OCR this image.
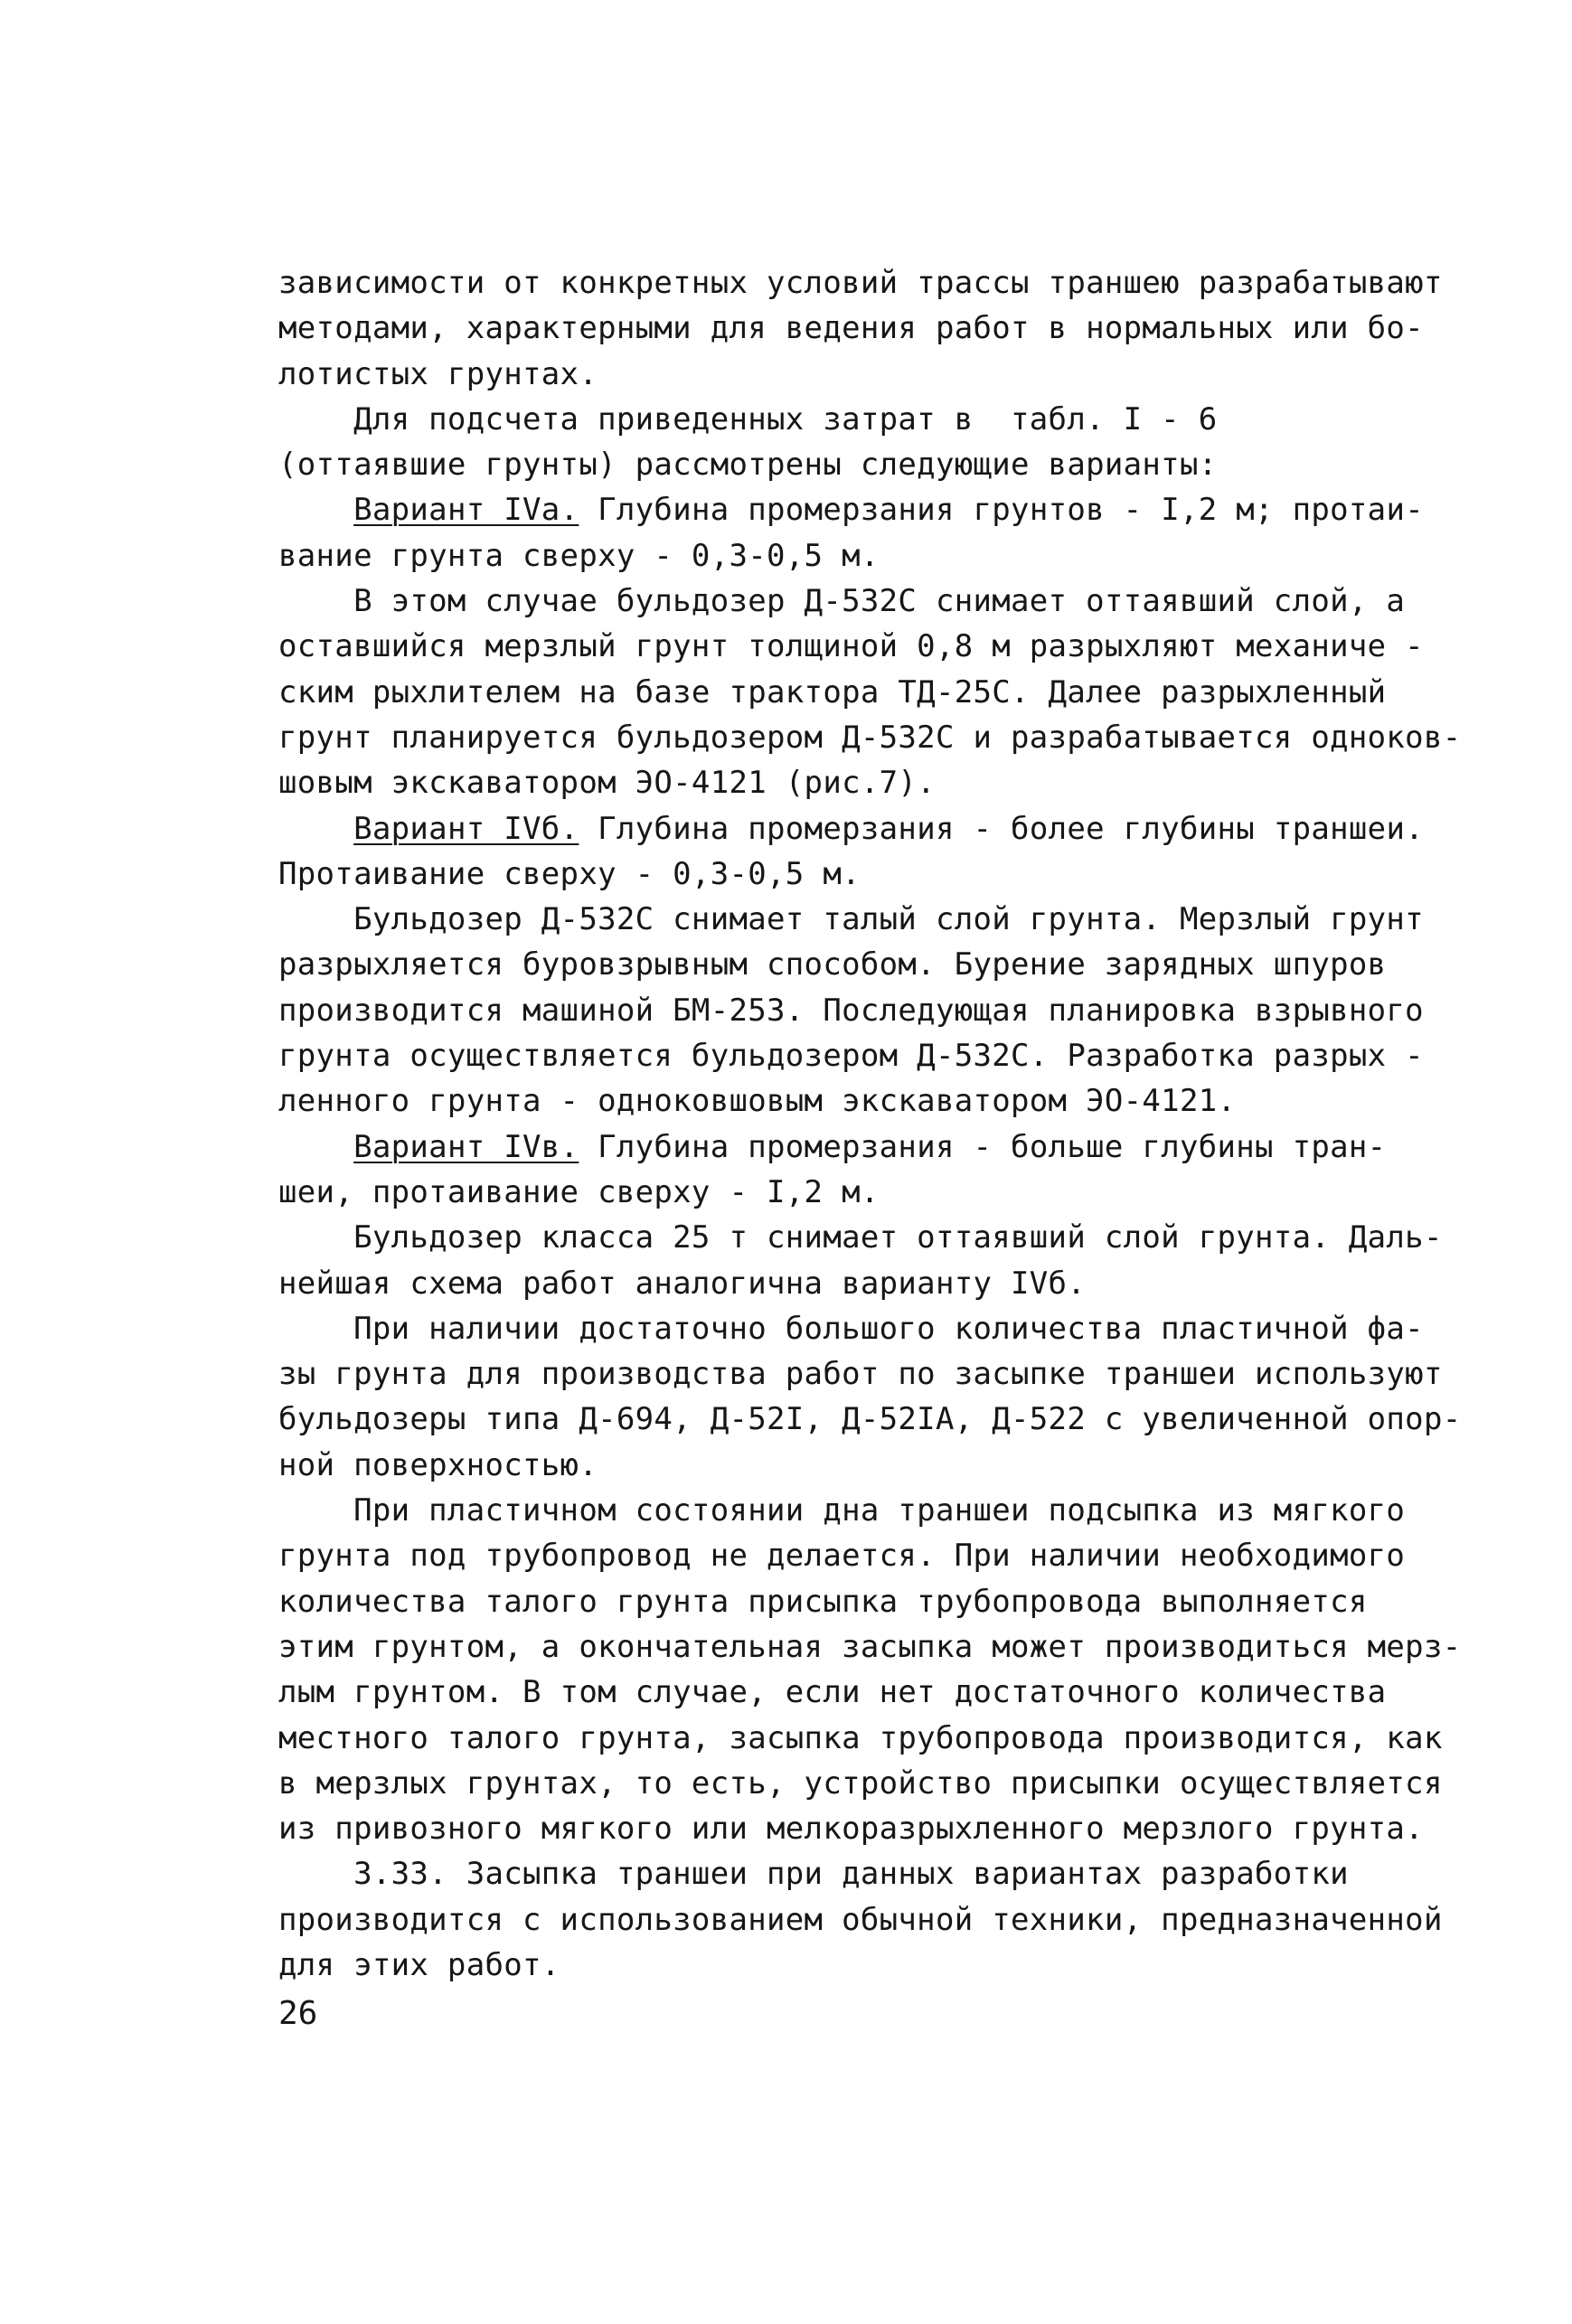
зависимости от конкретных условий трассы траншею разрабатывают
методами, характерными для ведения работ в нормальных или бо-
лотистых грунтах.
Для подсчета приведенных затрат в  табл. I - 6
(оттаявшие грунты) рассмотрены следующие варианты:
Вариант IVа. Глубина промерзания грунтов - I,2 м; протаи-
вание грунта сверху - 0,3-0,5 м.
В этом случае бульдозер Д-532С снимает оттаявший слой, а
оставшийся мерзлый грунт толщиной 0,8 м разрыхляют механиче -
ским рыхлителем на базе трактора ТД-25С. Далее разрыхленный
грунт планируется бульдозером Д-532С и разрабатывается одноков-
шовым экскаватором ЭО-4121 (рис.7).
Вариант IVб. Глубина промерзания - более глубины траншеи.
Протаивание сверху - 0,3-0,5 м.
Бульдозер Д-532С снимает талый слой грунта. Мерзлый грунт
разрыхляется буровзрывным способом. Бурение зарядных шпуров
производится машиной БМ-253. Последующая планировка взрывного
грунта осуществляется бульдозером Д-532С. Разработка разрых -
ленного грунта - одноковшовым экскаватором ЭО-4121.
Вариант IVв. Глубина промерзания - больше глубины тран-
шеи, протаивание сверху - I,2 м.
Бульдозер класса 25 т снимает оттаявший слой грунта. Даль-
нейшая схема работ аналогична варианту IVб.
При наличии достаточно большого количества пластичной фа-
зы грунта для производства работ по засыпке траншеи используют
бульдозеры типа Д-694, Д-52I, Д-52IА, Д-522 с увеличенной опор-
ной поверхностью.
При пластичном состоянии дна траншеи подсыпка из мягкого
грунта под трубопровод не делается. При наличии необходимого
количества талого грунта присыпка трубопровода выполняется
этим грунтом, а окончательная засыпка может производиться мерз-
лым грунтом. В том случае, если нет достаточного количества
местного талого грунта, засыпка трубопровода производится, как
в мерзлых грунтах, то есть, устройство присыпки осуществляется
из привозного мягкого или мелкоразрыхленного мерзлого грунта.
3.33. Засыпка траншеи при данных вариантах разработки
производится с использованием обычной техники, предназначенной
для этих работ.
26
